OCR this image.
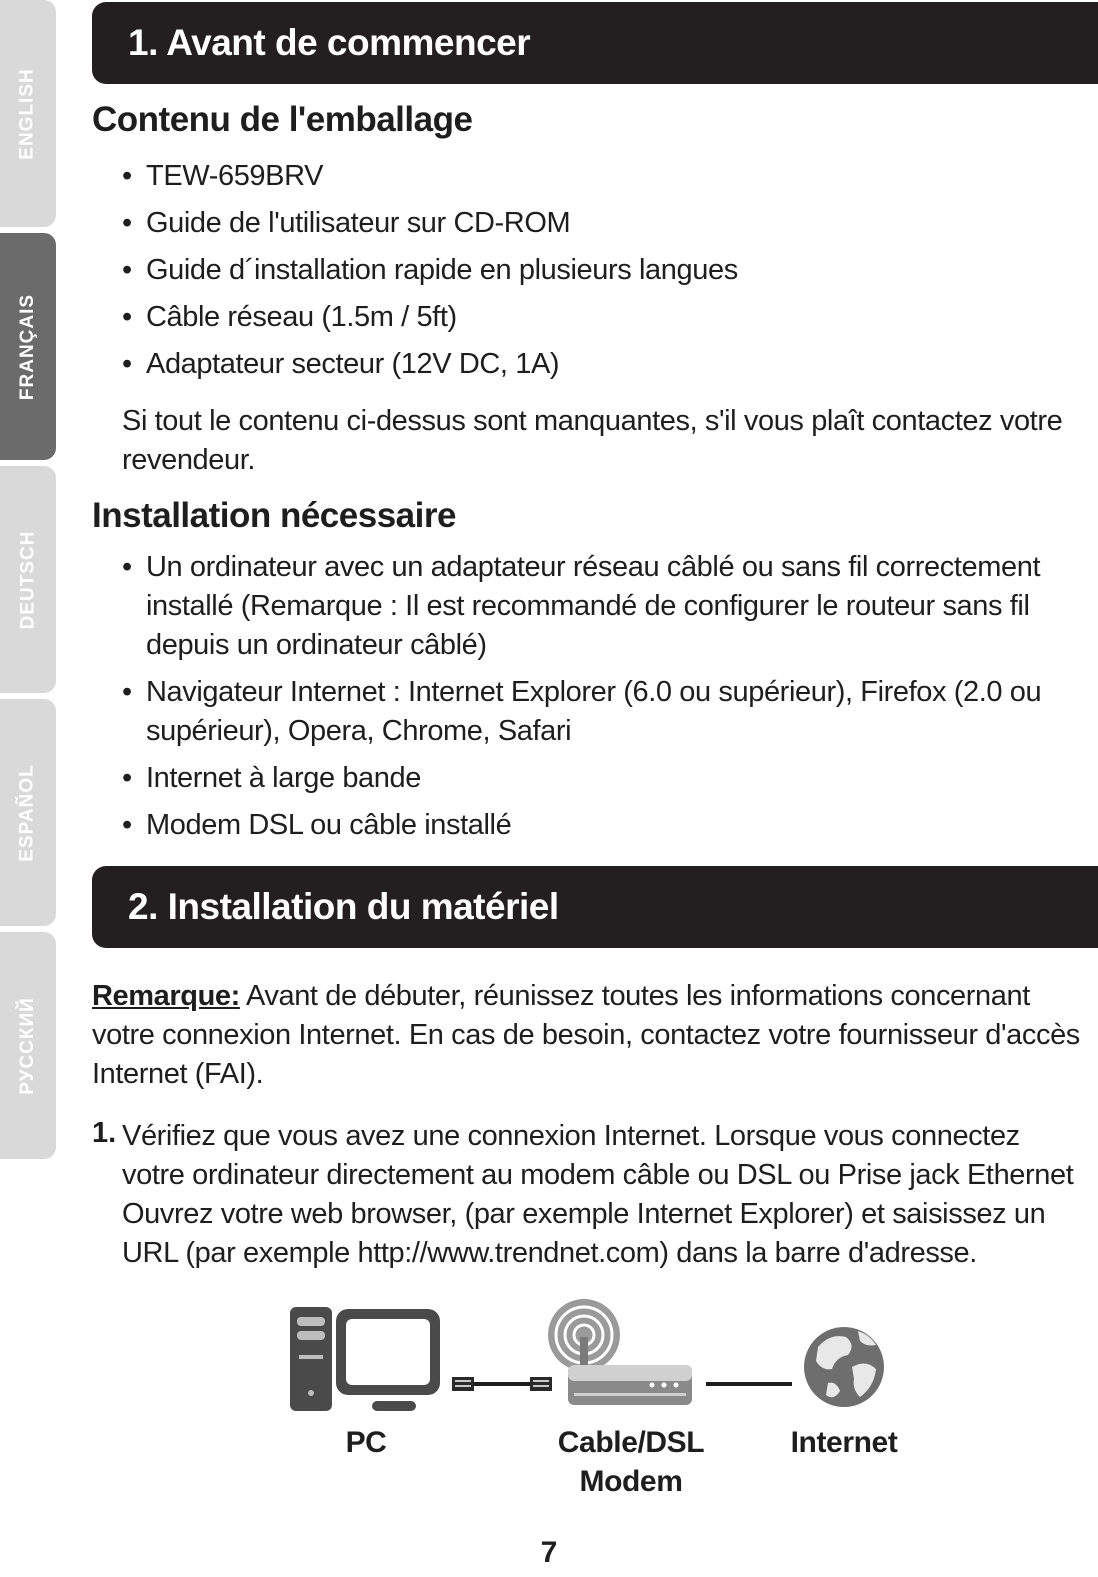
ENGLISH
FRANÇAIS
DEUTSCH
ESPAÑOL
РУССКИЙ
1. Avant de commencer
Contenu de l'emballage
• TEW-659BRV
• Guide de l'utilisateur sur CD-ROM
• Guide d´installation rapide en plusieurs langues
• Câble réseau (1.5m / 5ft)
• Adaptateur secteur (12V DC, 1A)

Si tout le contenu ci-dessus sont manquantes, s'il vous plaît contactez votre revendeur.

Installation nécessaire
• Un ordinateur avec un adaptateur réseau câblé ou sans fil correctement installé (Remarque : Il est recommandé de configurer le routeur sans fil depuis un ordinateur câblé)
• Navigateur Internet : Internet Explorer (6.0 ou supérieur), Firefox (2.0 ou supérieur), Opera, Chrome, Safari
• Internet à large bande
• Modem DSL ou câble installé
2. Installation du matériel

Remarque: Avant de débuter, réunissez toutes les informations concernant votre connexion Internet. En cas de besoin, contactez votre fournisseur d'accès Internet (FAI).

1. Vérifiez que vous avez une connexion Internet. Lorsque vous connectez votre ordinateur directement au modem câble ou DSL ou Prise jack Ethernet Ouvrez votre web browser, (par exemple Internet Explorer) et saisissez un URL (par exemple http://www.trendnet.com) dans la barre d'adresse.

PC	Cable/DSL
Modem
Internet
7
